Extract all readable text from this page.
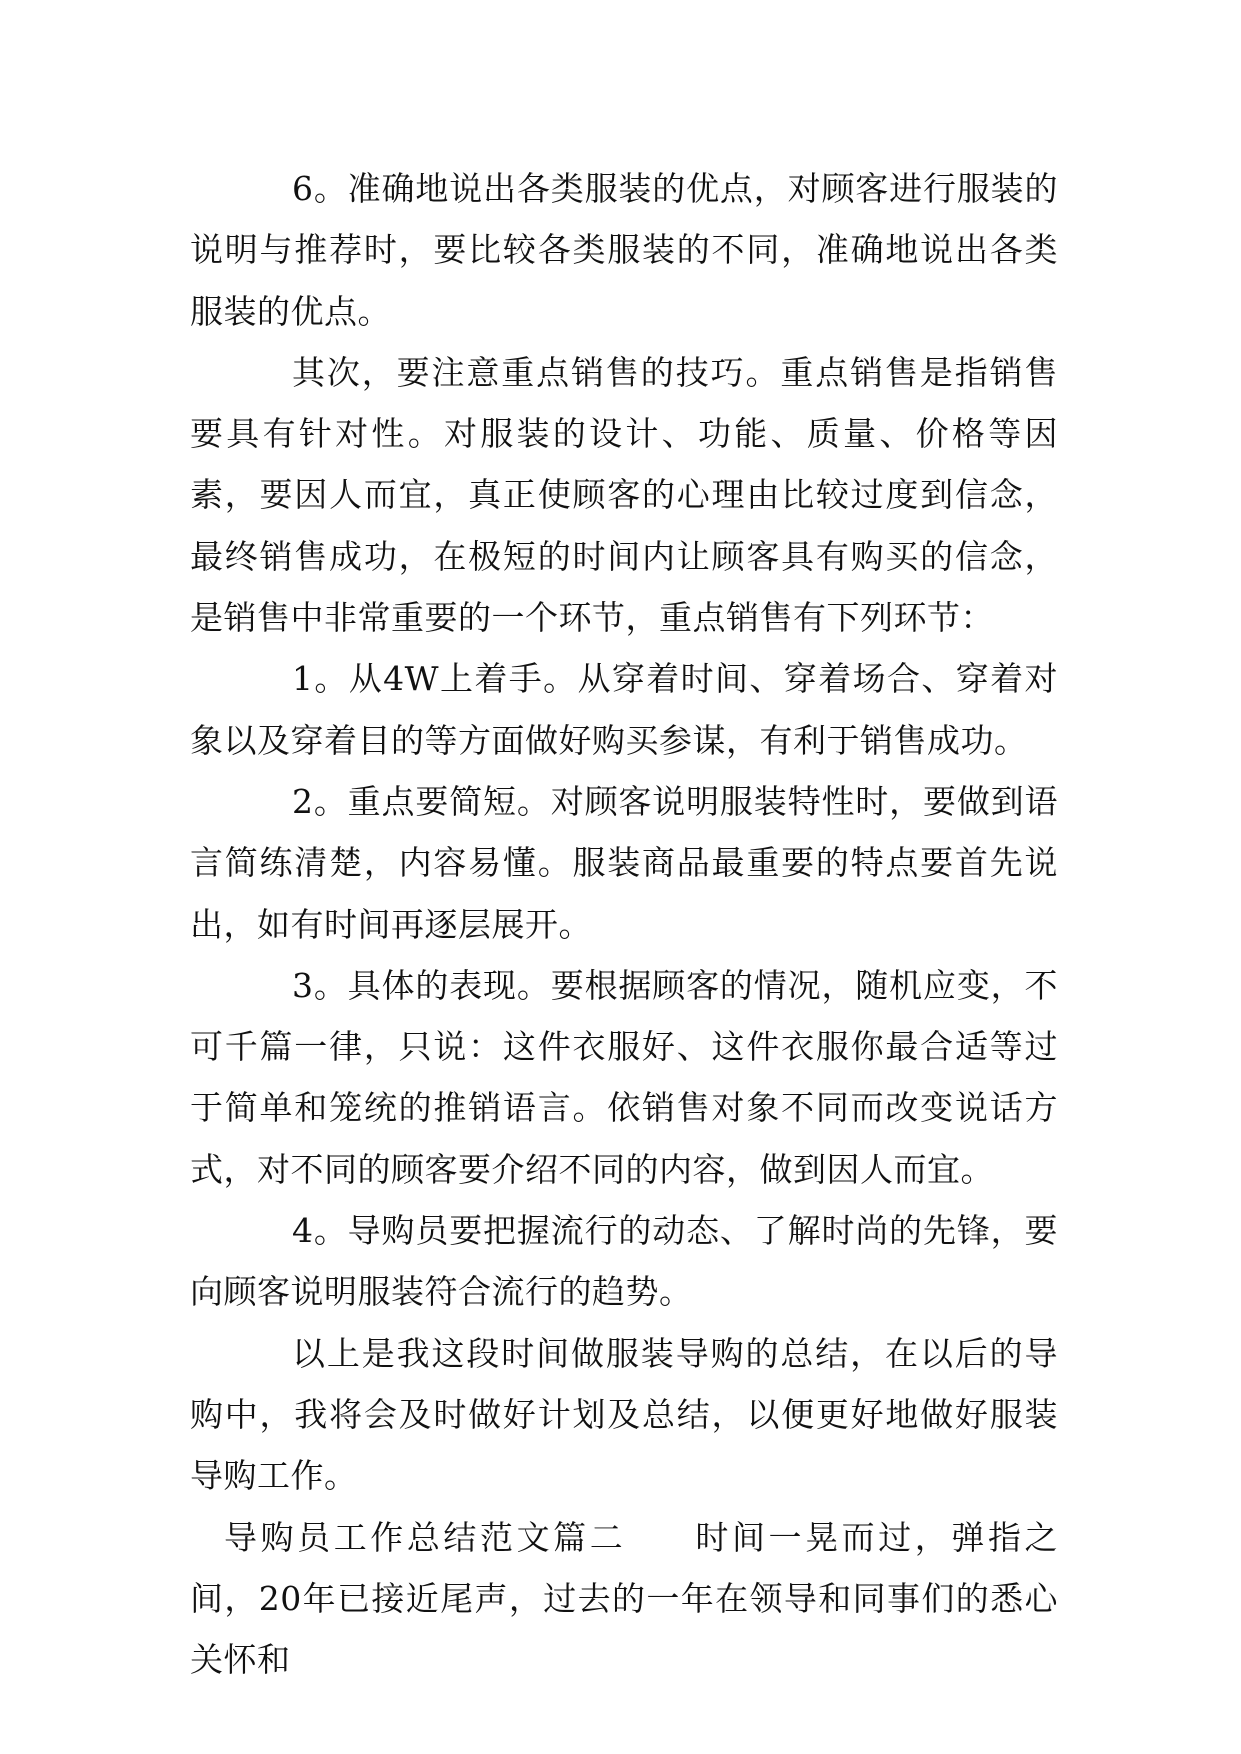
6。准确地说出各类服装的优点，对顾客进行服装的说明与推荐时，要比较各类服装的不同，准确地说出各类服装的优点。

其次，要注意重点销售的技巧。重点销售是指销售要具有针对性。对服装的设计、功能、质量、价格等因素，要因人而宜，真正使顾客的心理由比较过度到信念，最终销售成功，在极短的时间内让顾客具有购买的信念，是销售中非常重要的一个环节，重点销售有下列环节：

1。从4W上着手。从穿着时间、穿着场合、穿着对象以及穿着目的等方面做好购买参谋，有利于销售成功。

2。重点要简短。对顾客说明服装特性时，要做到语言简练清楚，内容易懂。服装商品最重要的特点要首先说出，如有时间再逐层展开。

3。具体的表现。要根据顾客的情况，随机应变，不可千篇一律，只说：这件衣服好、这件衣服你最合适等过于简单和笼统的推销语言。依销售对象不同而改变说话方式，对不同的顾客要介绍不同的内容，做到因人而宜。

4。导购员要把握流行的动态、了解时尚的先锋，要向顾客说明服装符合流行的趋势。

以上是我这段时间做服装导购的总结，在以后的导购中，我将会及时做好计划及总结，以便更好地做好服装导购工作。

导购员工作总结范文篇二 时间一晃而过，弹指之间，20年已接近尾声，过去的一年在领导和同事们的悉心关怀和
